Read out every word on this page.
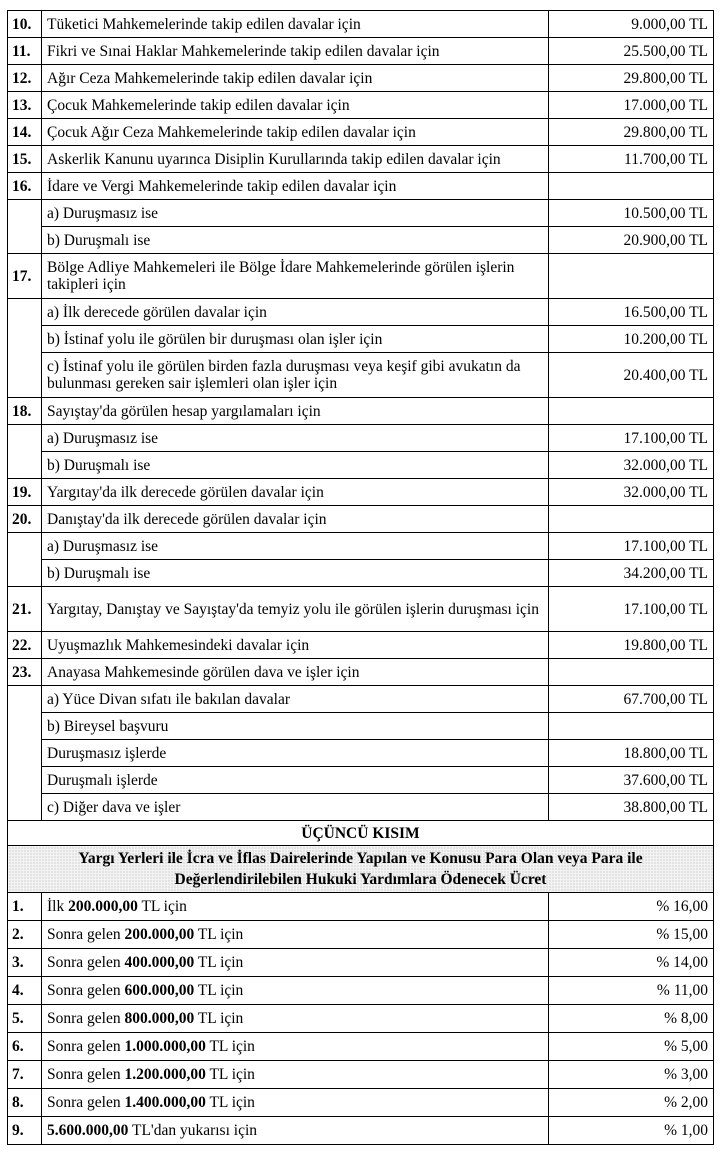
10.	Tüketici Mahkemelerinde takip edilen davalar için	9.000,00 TL
11.	Fikri ve Sınai Haklar Mahkemelerinde takip edilen davalar için	25.500,00 TL
12.	Ağır Ceza Mahkemelerinde takip edilen davalar için	29.800,00 TL
13.	Çocuk Mahkemelerinde takip edilen davalar için	17.000,00 TL
14.	Çocuk Ağır Ceza Mahkemelerinde takip edilen davalar için	29.800,00 TL
15.	Askerlik Kanunu uyarınca Disiplin Kurullarında takip edilen davalar için	11.700,00 TL
16.	İdare ve Vergi Mahkemelerinde takip edilen davalar için	
	a) Duruşmasız ise	10.500,00 TL
	b) Duruşmalı ise	20.900,00 TL
17.	Bölge Adliye Mahkemeleri ile Bölge İdare Mahkemelerinde görülen işlerin takipleri için	
	a) İlk derecede görülen davalar için	16.500,00 TL
	b) İstinaf yolu ile görülen bir duruşması olan işler için	10.200,00 TL
	c) İstinaf yolu ile görülen birden fazla duruşması veya keşif gibi avukatın da bulunması gereken sair işlemleri olan işler için	20.400,00 TL
18.	Sayıştay'da görülen hesap yargılamaları için	
	a) Duruşmasız ise	17.100,00 TL
	b) Duruşmalı ise	32.000,00 TL
19.	Yargıtay'da ilk derecede görülen davalar için	32.000,00 TL
20.	Danıştay'da ilk derecede görülen davalar için	
	a) Duruşmasız ise	17.100,00 TL
	b) Duruşmalı ise	34.200,00 TL
21.	Yargıtay, Danıştay ve Sayıştay'da temyiz yolu ile görülen işlerin duruşması için	17.100,00 TL
22.	Uyuşmazlık Mahkemesindeki davalar için	19.800,00 TL
23.	Anayasa Mahkemesinde görülen dava ve işler için	
	a) Yüce Divan sıfatı ile bakılan davalar	67.700,00 TL
	b) Bireysel başvuru	
	Duruşmasız işlerde	18.800,00 TL
	Duruşmalı işlerde	37.600,00 TL
	c) Diğer dava ve işler	38.800,00 TL
ÜÇÜNCÜ KISIM		
Yargı Yerleri ile İcra ve İflas Dairelerinde Yapılan ve Konusu Para Olan veya Para ile
Değerlendirilebilen Hukuki Yardımlara Ödenecek Ücret		
1.	İlk 200.000,00 TL için	% 16,00
2.	Sonra gelen 200.000,00 TL için	% 15,00
3.	Sonra gelen 400.000,00 TL için	% 14,00
4.	Sonra gelen 600.000,00 TL için	% 11,00
5.	Sonra gelen 800.000,00 TL için	% 8,00
6.	Sonra gelen 1.000.000,00 TL için	% 5,00
7.	Sonra gelen 1.200.000,00 TL için	% 3,00
8.	Sonra gelen 1.400.000,00 TL için	% 2,00
9.	5.600.000,00 TL'dan yukarısı için	% 1,00
